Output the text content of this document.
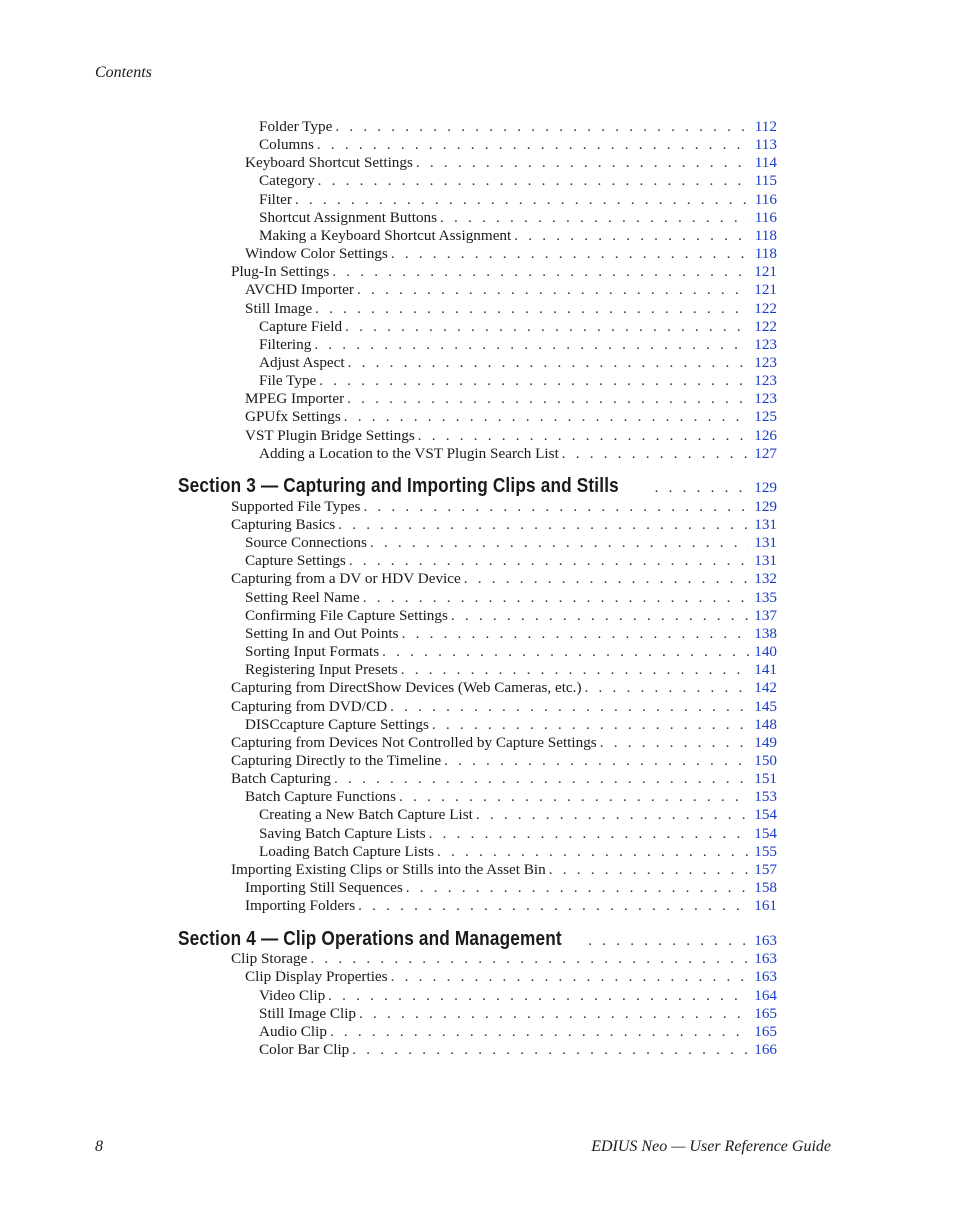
Contents
Folder Type . . .	112
Columns . . .	113
Keyboard Shortcut Settings . . .	114
Category . . .	115
Filter . . .	116
Shortcut Assignment Buttons . . .	116
Making a Keyboard Shortcut Assignment . . .	118
Window Color Settings . . .	118
Plug-In Settings . . .	121
AVCHD Importer . . .	121
Still Image . . .	122
Capture Field . . .	122
Filtering . . .	123
Adjust Aspect . . .	123
File Type . . .	123
MPEG Importer . . .	123
GPUfx Settings . . .	125
VST Plugin Bridge Settings . . .	126
Adding a Location to the VST Plugin Search List . . .	127
Section 3 — Capturing and Importing Clips and Stills . . .	129
Supported File Types . . .	129
Capturing Basics . . .	131
Source Connections . . .	131
Capture Settings . . .	131
Capturing from a DV or HDV Device . . .	132
Setting Reel Name . . .	135
Confirming File Capture Settings . . .	137
Setting In and Out Points . . .	138
Sorting Input Formats . . .	140
Registering Input Presets . . .	141
Capturing from DirectShow Devices (Web Cameras, etc.) . . .	142
Capturing from DVD/CD . . .	145
DISCcapture Capture Settings . . .	148
Capturing from Devices Not Controlled by Capture Settings . . .	149
Capturing Directly to the Timeline . . .	150
Batch Capturing . . .	151
Batch Capture Functions . . .	153
Creating a New Batch Capture List . . .	154
Saving Batch Capture Lists . . .	154
Loading Batch Capture Lists . . .	155
Importing Existing Clips or Stills into the Asset Bin . . .	157
Importing Still Sequences . . .	158
Importing Folders . . .	161
Section 4 — Clip Operations and Management . . .	163
Clip Storage . . .	163
Clip Display Properties . . .	163
Video Clip . . .	164
Still Image Clip . . .	165
Audio Clip . . .	165
Color Bar Clip . . .	166
8	EDIUS Neo — User Reference Guide
